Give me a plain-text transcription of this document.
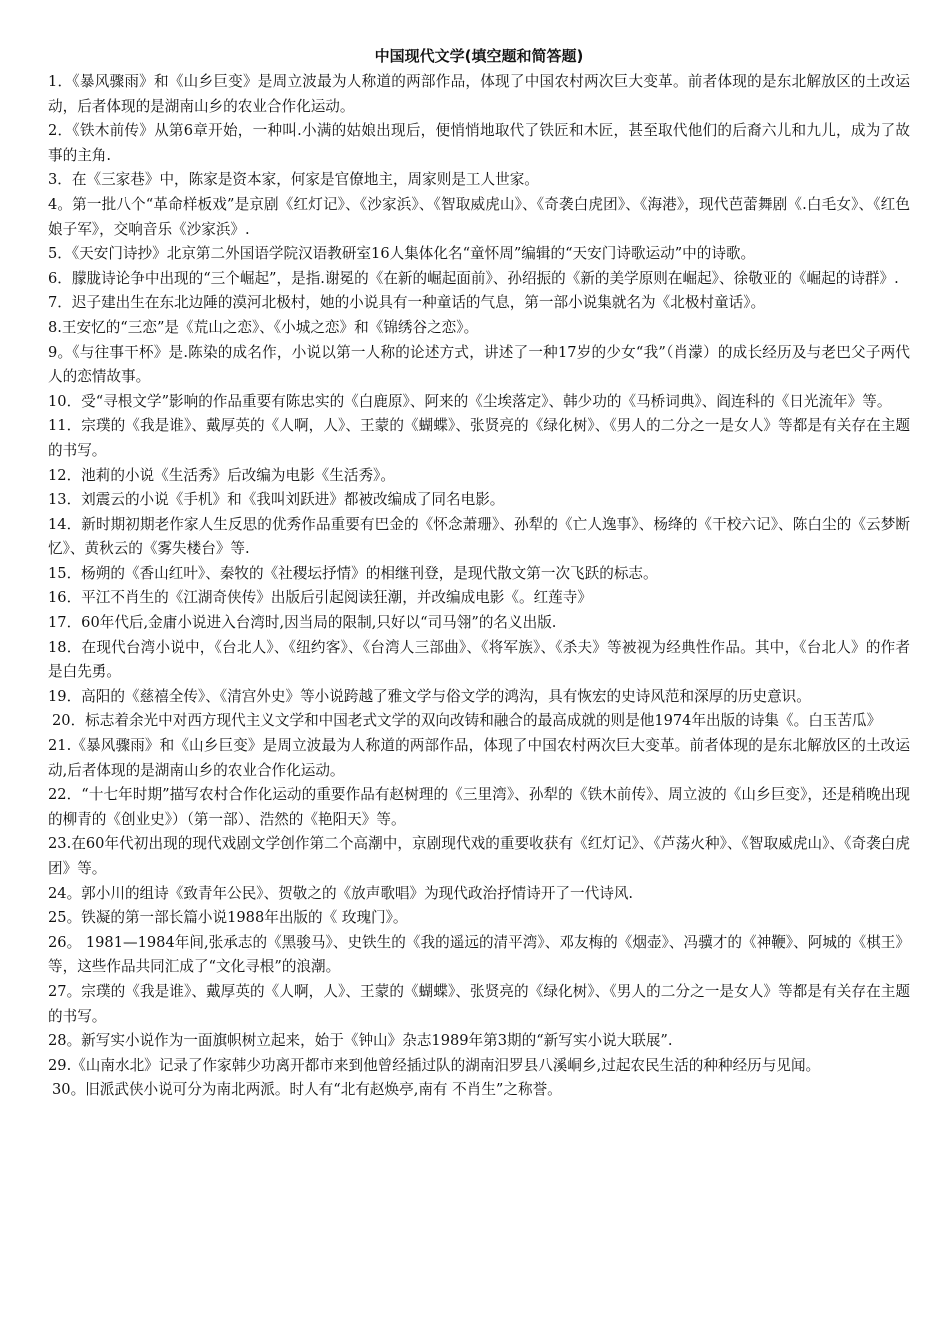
中国现代文学(填空题和简答题)

1．《暴风骤雨》和《山乡巨变》是周立波最为人称道的两部作品，体现了中国农村两次巨大变革。前者体现的是东北解放区的土改运动，后者体现的是湖南山乡的农业合作化运动。

2．《铁木前传》从第6章开始，一种叫.小满的姑娘出现后，便悄悄地取代了铁匠和木匠，甚至取代他们的后裔六儿和九儿，成为了故事的主角.

3．在《三家巷》中，陈家是资本家，何家是官僚地主，周家则是工人世家。

4。第一批八个“革命样板戏”是京剧《红灯记》、《沙家浜》、《智取威虎山》、《奇袭白虎团》、《海港》，现代芭蕾舞剧《.白毛女》、《红色娘子军》，交响音乐《沙家浜》.

5．《天安门诗抄》北京第二外国语学院汉语教研室16人集体化名“童怀周”编辑的“天安门诗歌运动”中的诗歌。

6．朦胧诗论争中出现的“三个崛起”，是指.谢冕的《在新的崛起面前》、孙绍振的《新的美学原则在崛起》、徐敬亚的《崛起的诗群》.

7．迟子建出生在东北边陲的漠河北极村，她的小说具有一种童话的气息，第一部小说集就名为《北极村童话》。

8.王安忆的“三恋”是《荒山之恋》、《小城之恋》和《锦绣谷之恋》。

9。《与往事干杯》是.陈染的成名作，小说以第一人称的论述方式，讲述了一种17岁的少女“我”（肖濛）的成长经历及与老巴父子两代人的恋情故事。

10．受“寻根文学”影响的作品重要有陈忠实的《白鹿原》、阿来的《尘埃落定》、韩少功的《马桥词典》、阎连科的《日光流年》等。

11．宗璞的《我是谁》、戴厚英的《人啊，人》、王蒙的《蝴蝶》、张贤亮的《绿化树》、《男人的二分之一是女人》等都是有关存在主题的书写。

12．池莉的小说《生活秀》后改编为电影《生活秀》。

13．刘震云的小说《手机》和《我叫刘跃进》都被改编成了同名电影。

14．新时期初期老作家人生反思的优秀作品重要有巴金的《怀念萧珊》、孙犁的《亡人逸事》、杨绛的《干校六记》、陈白尘的《云梦断忆》、黄秋云的《雾失楼台》等.

15．杨朔的《香山红叶》、秦牧的《社稷坛抒情》的相继刊登，是现代散文第一次飞跃的标志。

16．平江不肖生的《江湖奇侠传》出版后引起阅读狂潮，并改编成电影《。红莲寺》

17．60年代后,金庸小说进入台湾时,因当局的限制,只好以“司马翎”的名义出版.

18．在现代台湾小说中，《台北人》、《纽约客》、《台湾人三部曲》、《将军族》、《杀夫》等被视为经典性作品。其中，《台北人》的作者是白先勇。

19．高阳的《慈禧全传》、《清宫外史》等小说跨越了雅文学与俗文学的鸿沟，具有恢宏的史诗风范和深厚的历史意识。

20．标志着余光中对西方现代主义文学和中国老式文学的双向改铸和融合的最高成就的则是他1974年出版的诗集《。白玉苦瓜》

21.《暴风骤雨》和《山乡巨变》是周立波最为人称道的两部作品，体现了中国农村两次巨大变革。前者体现的是东北解放区的土改运动,后者体现的是湖南山乡的农业合作化运动。

22．“十七年时期”描写农村合作化运动的重要作品有赵树理的《三里湾》、孙犁的《铁木前传》、周立波的《山乡巨变》，还是稍晚出现的柳青的《创业史》）（第一部）、浩然的《艳阳天》等。

23.在60年代初出现的现代戏剧文学创作第二个高潮中，京剧现代戏的重要收获有《红灯记》、《芦荡火种》、《智取威虎山》、《奇袭白虎团》等。

24。郭小川的组诗《致青年公民》、贺敬之的《放声歌唱》为现代政治抒情诗开了一代诗风.

25。铁凝的第一部长篇小说1988年出版的《 玫瑰门》。

26。 1981—1984年间,张承志的《黑骏马》、史铁生的《我的遥远的清平湾》、邓友梅的《烟壶》、冯骥才的《神鞭》、阿城的《棋王》等，这些作品共同汇成了“文化寻根”的浪潮。

27。宗璞的《我是谁》、戴厚英的《人啊，人》、王蒙的《蝴蝶》、张贤亮的《绿化树》、《男人的二分之一是女人》等都是有关存在主题的书写。

28。新写实小说作为一面旗帜树立起来，始于《钟山》杂志1989年第3期的“新写实小说大联展”.

29.《山南水北》记录了作家韩少功离开都市来到他曾经插过队的湖南汨罗县八溪峒乡,过起农民生活的种种经历与见闻。

30。旧派武侠小说可分为南北两派。时人有“北有赵焕亭,南有 不肖生”之称誉。
